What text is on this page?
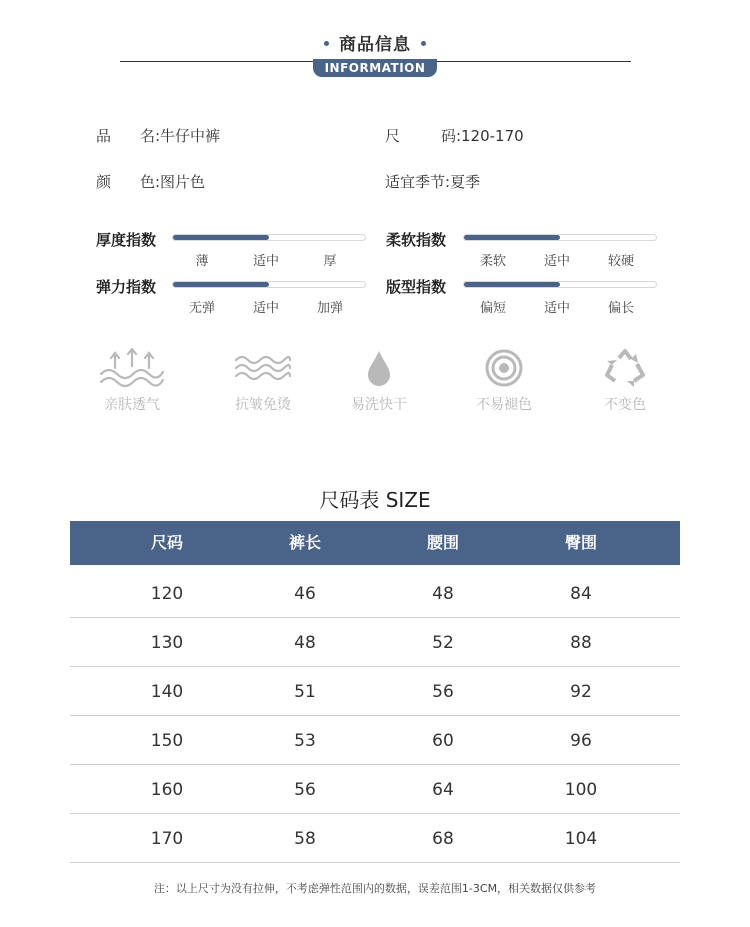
商品信息
INFORMATION
品 名: 牛仔中裤	尺	码: 120-170
颜 色: 图片色	适宜季节:夏季
厚度指数
薄	适中	厚
柔软指数
柔软	适中	较硬
弹力指数
无弹	适中	加弹
版型指数
偏短	适中	偏长
亲肤透气	抗皱免烫	易洗快干	不易褪色	不变色
尺码表 SIZE
尺码	裤长	腰围	臀围
120	46	48	84
130	48	52	88
140	51	56	92
150	53	60	96
160	56	64	100
170	58	68	104
注：以上尺寸为没有拉伸，不考虑弹性范围内的数据，误差范围1-3CM，相关数据仅供参考
